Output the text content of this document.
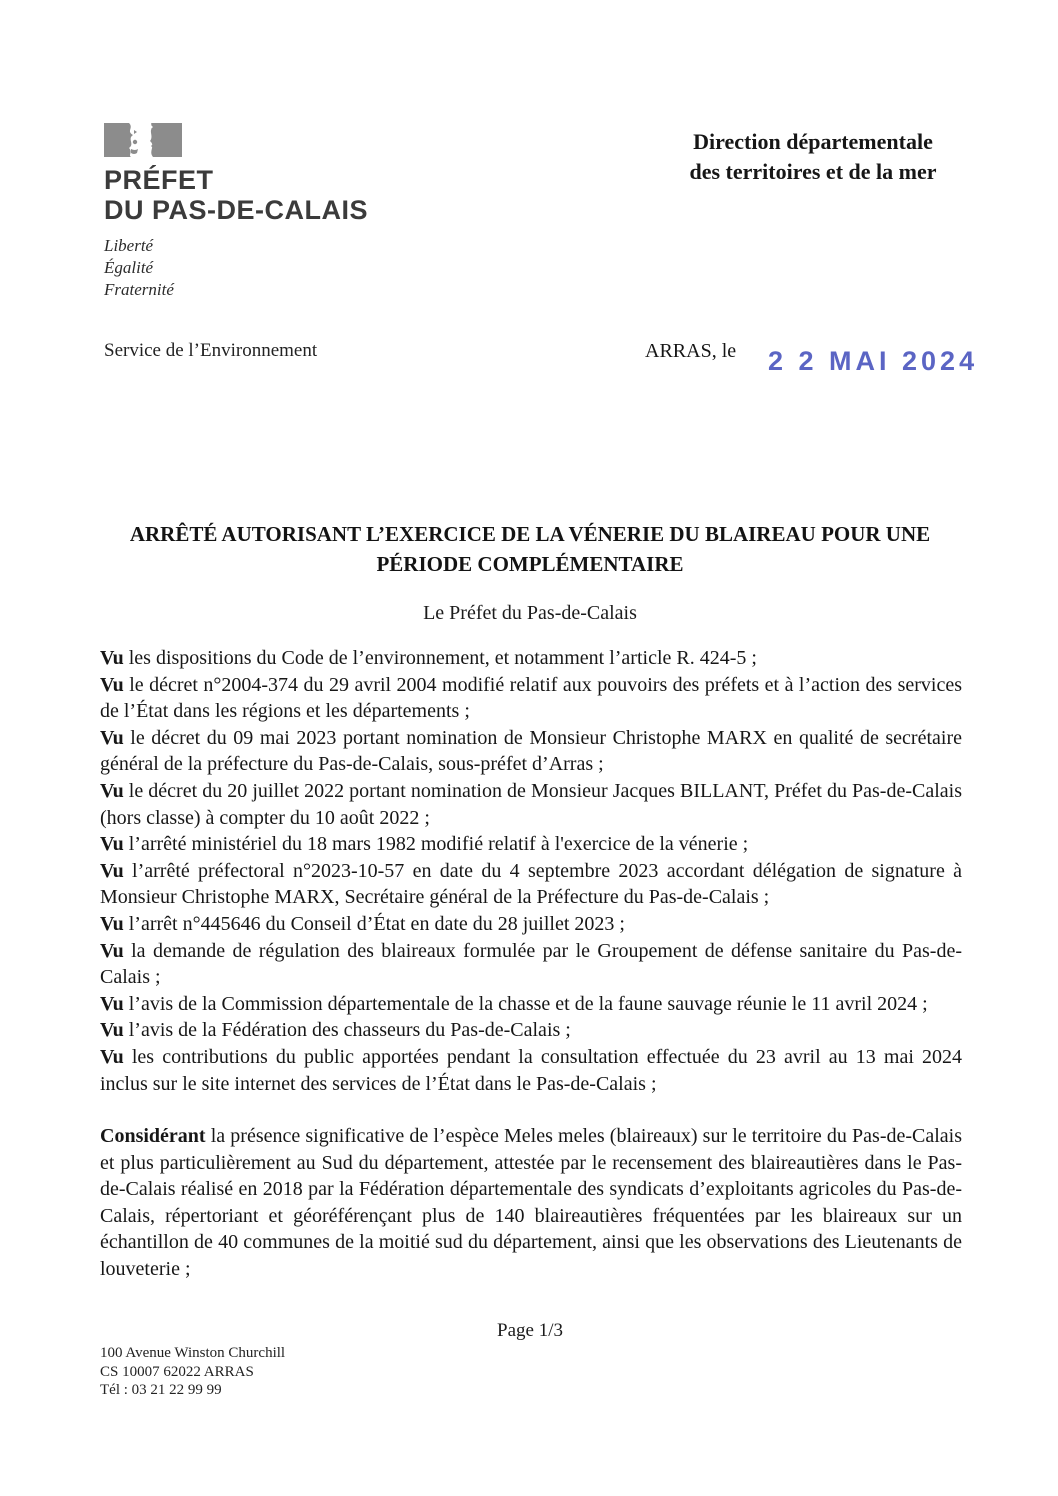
PRÉFET
DU PAS-DE-CALAIS
Liberté
Égalité
Fraternité
Direction départementale
des territoires et de la mer
Service de l’Environnement	ARRAS, le 2 2 MAI 2024
ARRÊTÉ AUTORISANT L’EXERCICE DE LA VÉNERIE DU BLAIREAU POUR UNE
PÉRIODE COMPLÉMENTAIRE
Le Préfet du Pas-de-Calais

Vu les dispositions du Code de l’environnement, et notamment l’article R. 424-5 ;

Vu le décret n°2004-374 du 29 avril 2004 modifié relatif aux pouvoirs des préfets et à l’action des services de l’État dans les régions et les départements ;

Vu le décret du 09 mai 2023 portant nomination de Monsieur Christophe MARX en qualité de secrétaire général de la préfecture du Pas-de-Calais, sous-préfet d’Arras ;

Vu le décret du 20 juillet 2022 portant nomination de Monsieur Jacques BILLANT, Préfet du Pas-de-Calais (hors classe) à compter du 10 août 2022 ;

Vu l’arrêté ministériel du 18 mars 1982 modifié relatif à l'exercice de la vénerie ;

Vu l’arrêté préfectoral n°2023-10-57 en date du 4 septembre 2023 accordant délégation de signature à Monsieur Christophe MARX, Secrétaire général de la Préfecture du Pas-de-Calais ;

Vu l’arrêt n°445646 du Conseil d’État en date du 28 juillet 2023 ;

Vu la demande de régulation des blaireaux formulée par le Groupement de défense sanitaire du Pas-de-Calais ;

Vu l’avis de la Commission départementale de la chasse et de la faune sauvage réunie le 11 avril 2024 ;

Vu l’avis de la Fédération des chasseurs du Pas-de-Calais ;

Vu les contributions du public apportées pendant la consultation effectuée du 23 avril au 13 mai 2024 inclus sur le site internet des services de l’État dans le Pas-de-Calais ;

Considérant la présence significative de l’espèce Meles meles (blaireaux) sur le territoire du Pas-de-Calais et plus particulièrement au Sud du département, attestée par le recensement des blaireautières dans le Pas-de-Calais réalisé en 2018 par la Fédération départementale des syndicats d’exploitants agricoles du Pas-de-Calais, répertoriant et géoréférençant plus de 140 blaireautières fréquentées par les blaireaux sur un échantillon de 40 communes de la moitié sud du département, ainsi que les observations des Lieutenants de louveterie ;

Page 1/3
100 Avenue Winston Churchill
CS 10007 62022 ARRAS
Tél : 03 21 22 99 99
